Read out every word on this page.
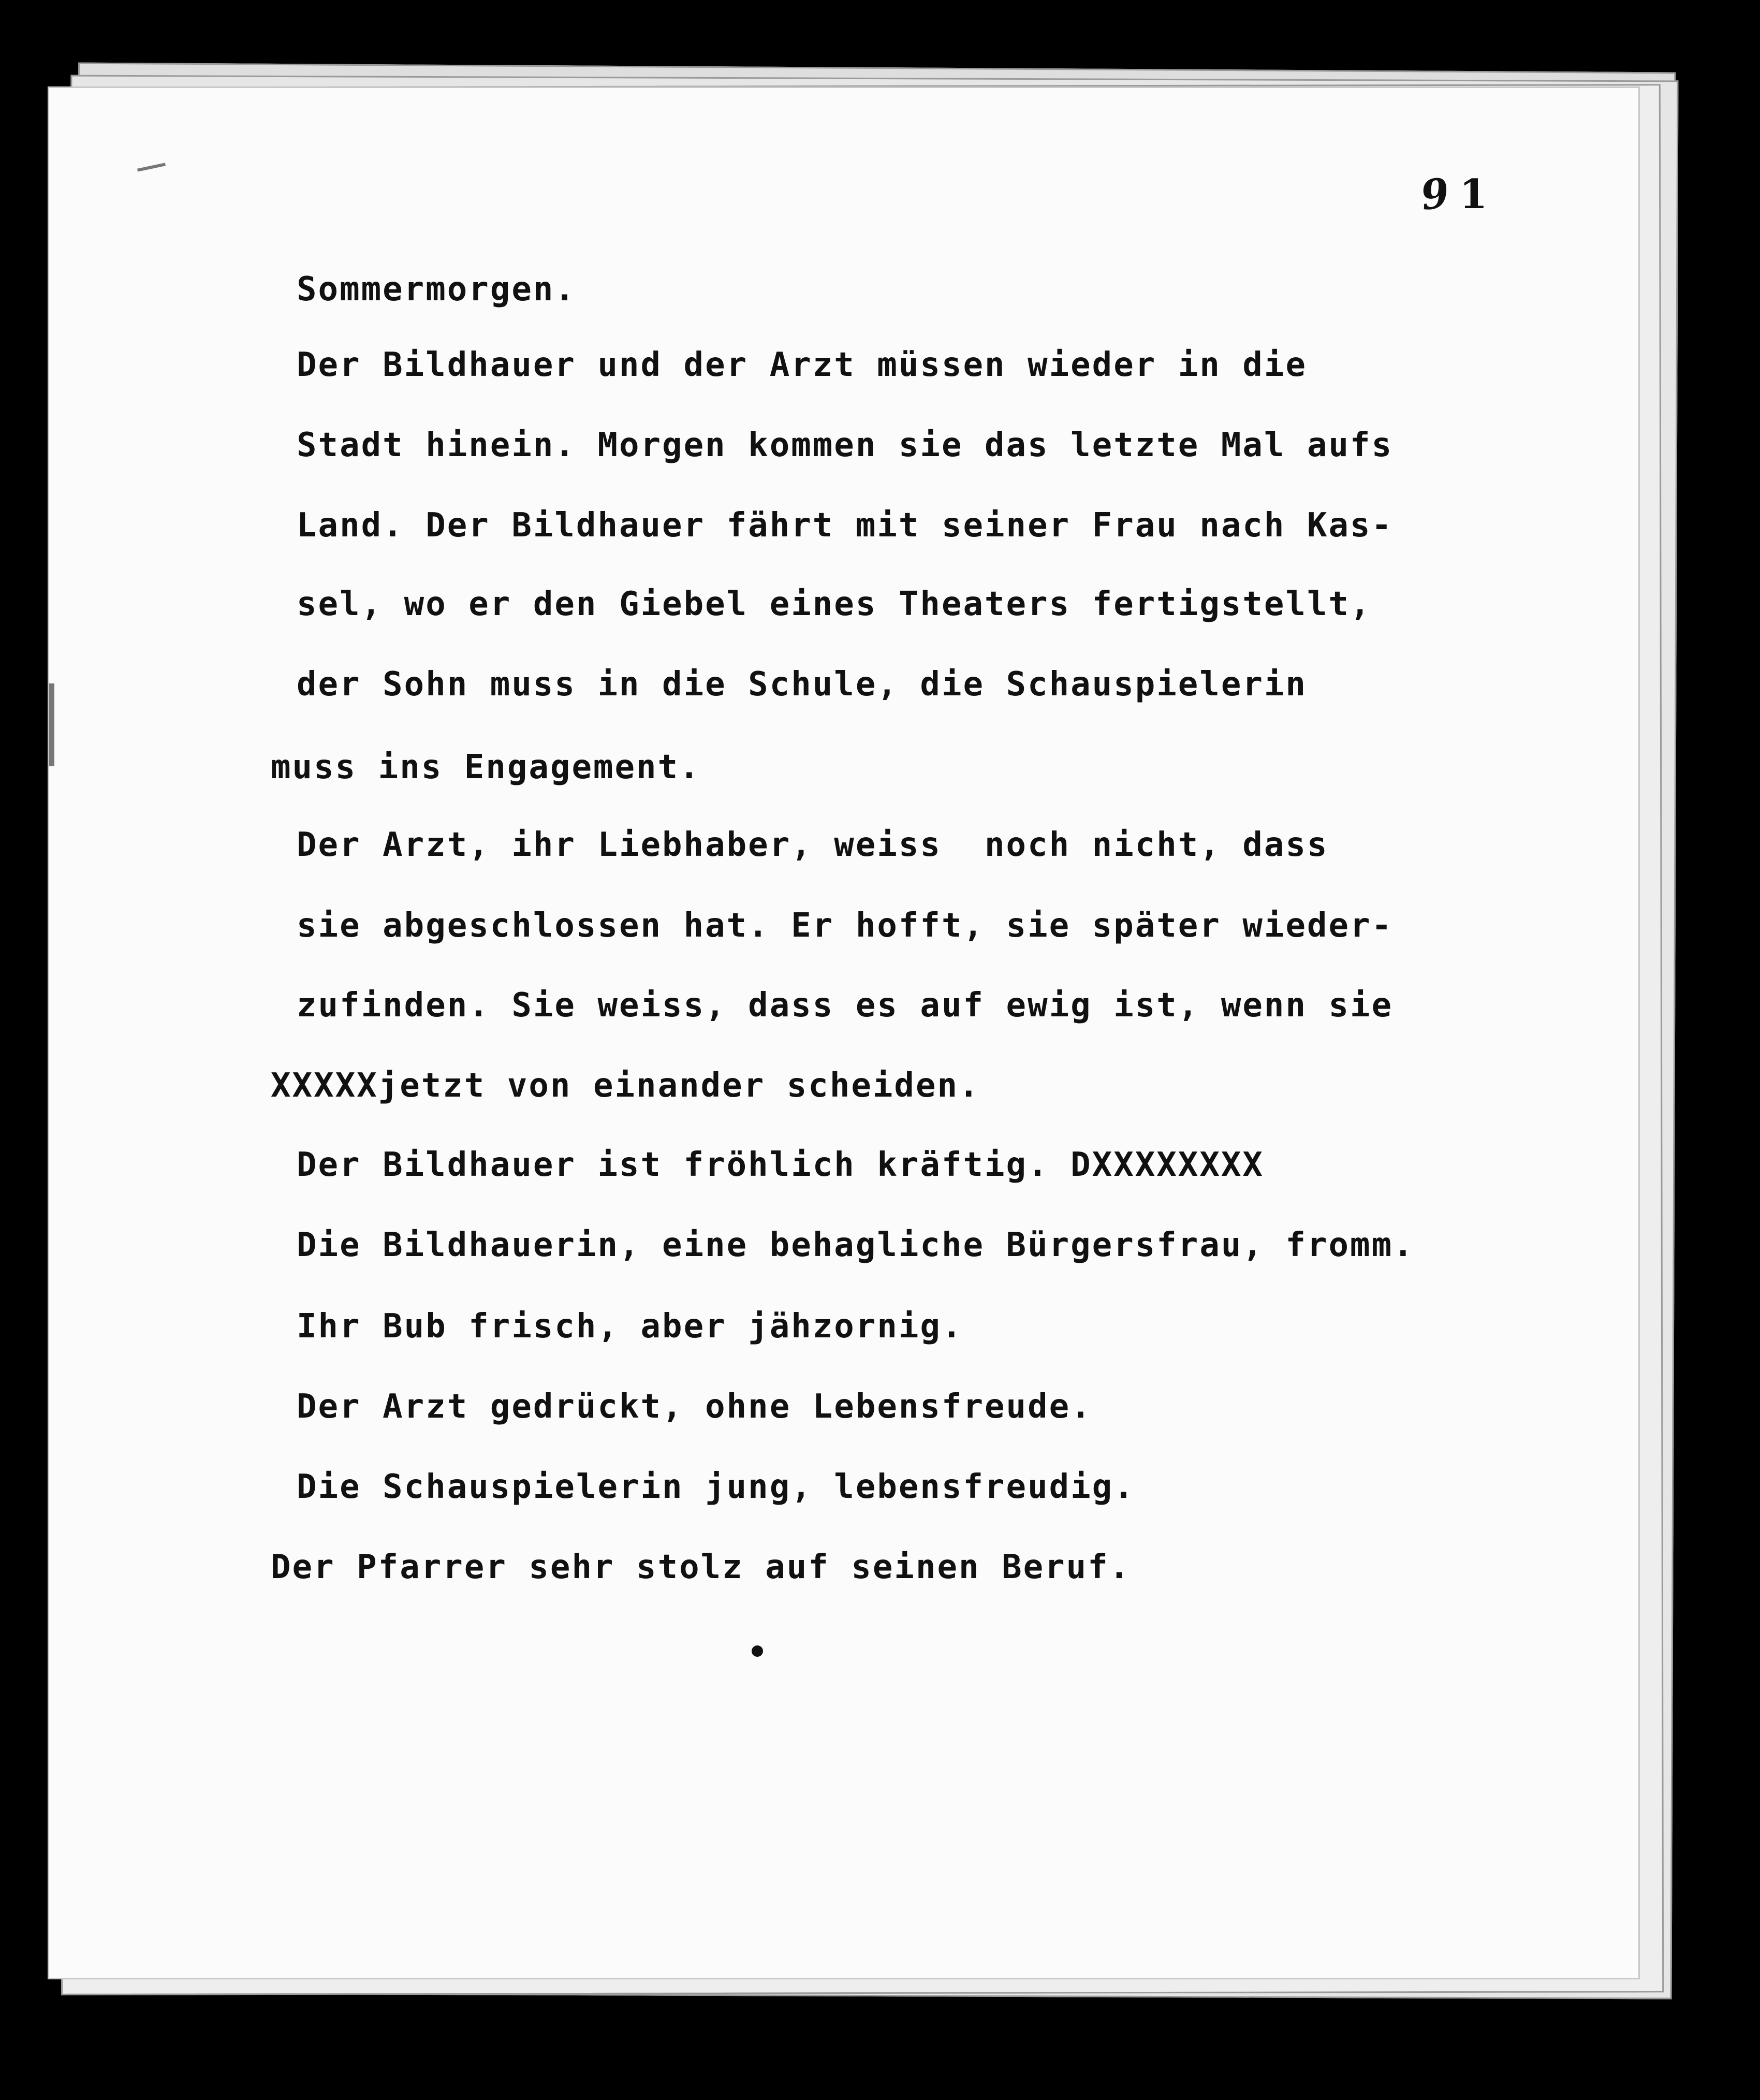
9 1
Sommermorgen.
Der Bildhauer und der Arzt müssen wieder in die
Stadt hinein. Morgen kommen sie das letzte Mal aufs
Land. Der Bildhauer fährt mit seiner Frau nach Kas-
sel, wo er den Giebel eines Theaters fertigstellt,
der Sohn muss in die Schule, die Schauspielerin
muss ins Engagement.
Der Arzt, ihr Liebhaber, weiss  noch nicht, dass
sie abgeschlossen hat. Er hofft, sie später wieder-
zufinden. Sie weiss, dass es auf ewig ist, wenn sie
XXXXXjetzt von einander scheiden.
Der Bildhauer ist fröhlich kräftig. DXXXXXXXX
Die Bildhauerin, eine behagliche Bürgersfrau, fromm.
Ihr Bub frisch, aber jähzornig.
Der Arzt gedrückt, ohne Lebensfreude.
Die Schauspielerin jung, lebensfreudig.
Der Pfarrer sehr stolz auf seinen Beruf.
